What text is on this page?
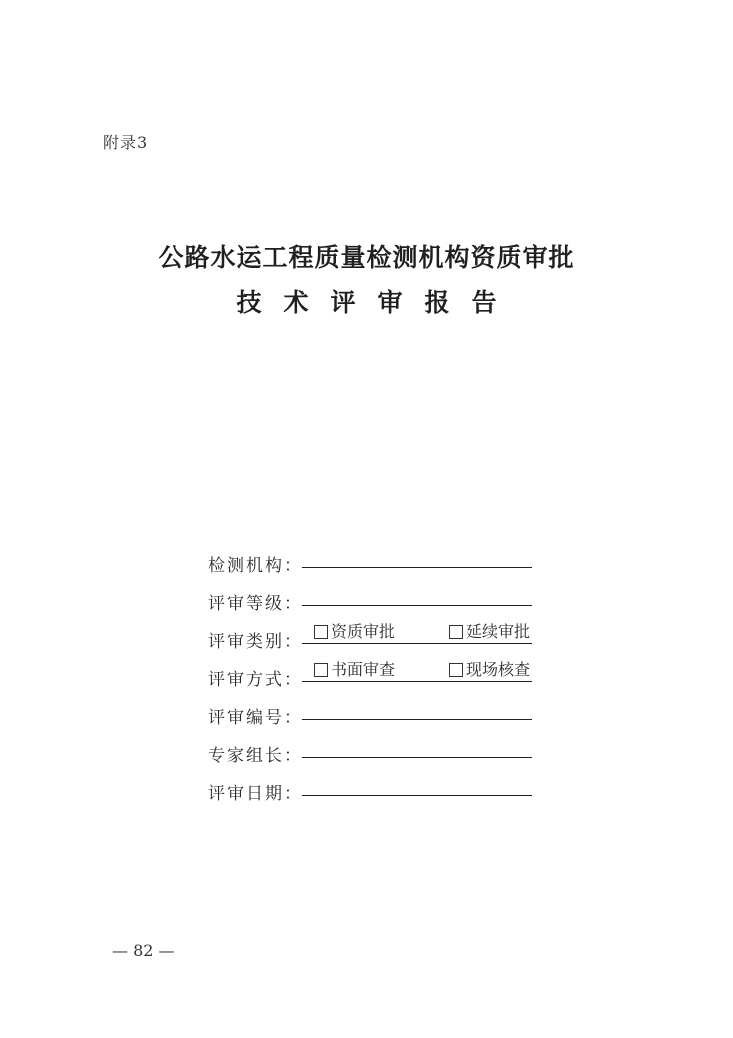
附录3
公路水运工程质量检测机构资质审批
技术评审报告
检测机构：
评审等级：
评审类别：
资质审批	延续审批
评审方式：
书面审查	现场核查
评审编号：
专家组长：
评审日期：
— 82 —
